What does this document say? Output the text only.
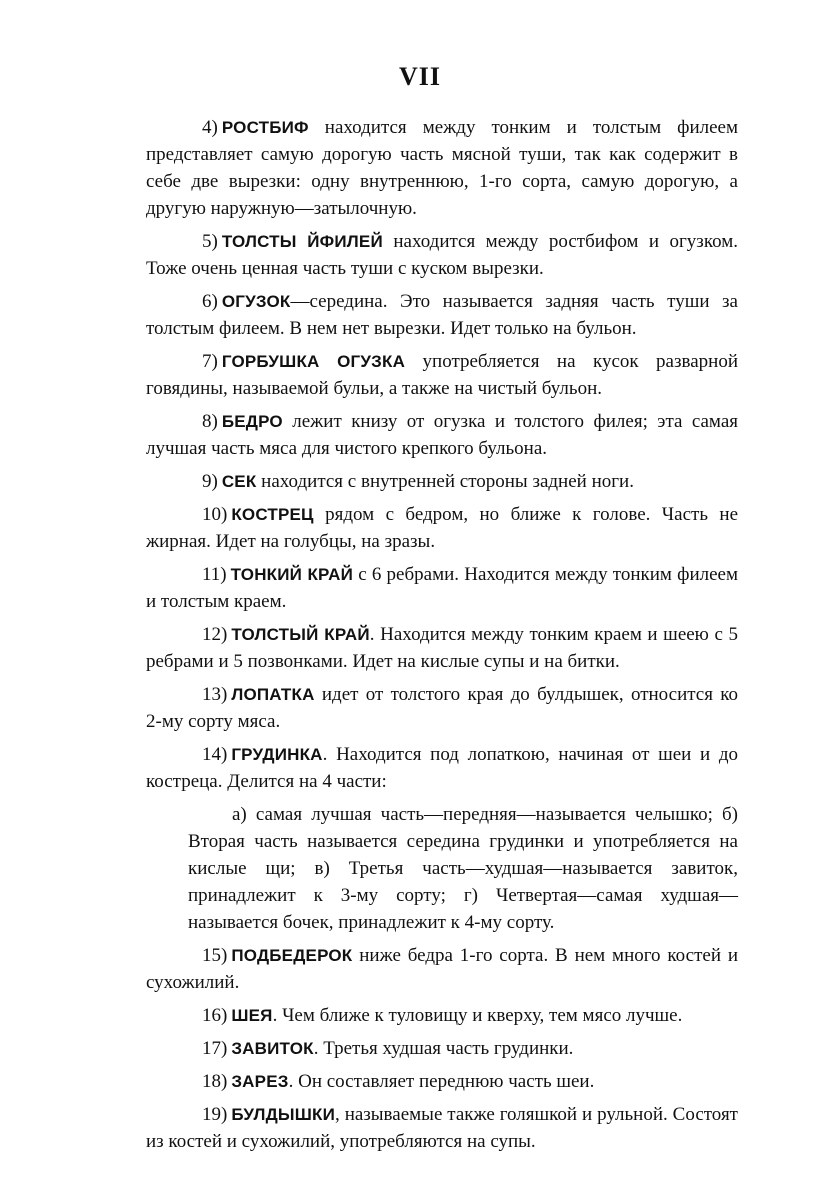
VII

4) РОСТБИФ находится между тонким и толстым филеем представляет самую дорогую часть мясной туши, так как содержит в себе две вырезки: одну внутреннюю, 1-го сорта, самую дорогую, а другую наружную—затылочную.

5) ТОЛСТЫ ЙФИЛЕЙ находится между ростбифом и огузком. Тоже очень ценная часть туши с куском вырезки.

6) ОГУЗОК—середина. Это называется задняя часть туши за толстым филеем. В нем нет вырезки. Идет только на бульон.

7) ГОРБУШКА ОГУЗКА употребляется на кусок разварной говядины, называемой бульи, а также на чистый бульон.

8) БЕДРО лежит книзу от огузка и толстого филея; эта самая лучшая часть мяса для чистого крепкого бульона.

9) СЕК находится с внутренней стороны задней ноги.

10) КОСТРЕЦ рядом с бедром, но ближе к голове. Часть не жирная. Идет на голубцы, на зразы.

11) ТОНКИЙ КРАЙ с 6 ребрами. Находится между тонким филеем и толстым краем.

12) ТОЛСТЫЙ КРАЙ. Находится между тонким краем и шеею с 5 ребрами и 5 позвонками. Идет на кислые супы и на битки.

13) ЛОПАТКА идет от толстого края до булдышек, относится ко 2-му сорту мяса.

14) ГРУДИНКА. Находится под лопаткою, начиная от шеи и до костреца. Делится на 4 части:

а) самая лучшая часть—передняя—называется челышко; б) Вторая часть называется середина грудинки и употребляется на кислые щи; в) Третья часть—худшая—называется завиток, принадлежит к 3-му сорту; г) Четвертая—самая худшая—называется бочек, принадлежит к 4-му сорту.

15) ПОДБЕДЕРОК ниже бедра 1-го сорта. В нем много костей и сухожилий.

16) ШЕЯ. Чем ближе к туловищу и кверху, тем мясо лучше.

17) ЗАВИТОК. Третья худшая часть грудинки.

18) ЗАРЕЗ. Он составляет переднюю часть шеи.

19) БУЛДЫШКИ, называемые также голяшкой и рульной. Состоят из костей и сухожилий, употребляются на супы.
